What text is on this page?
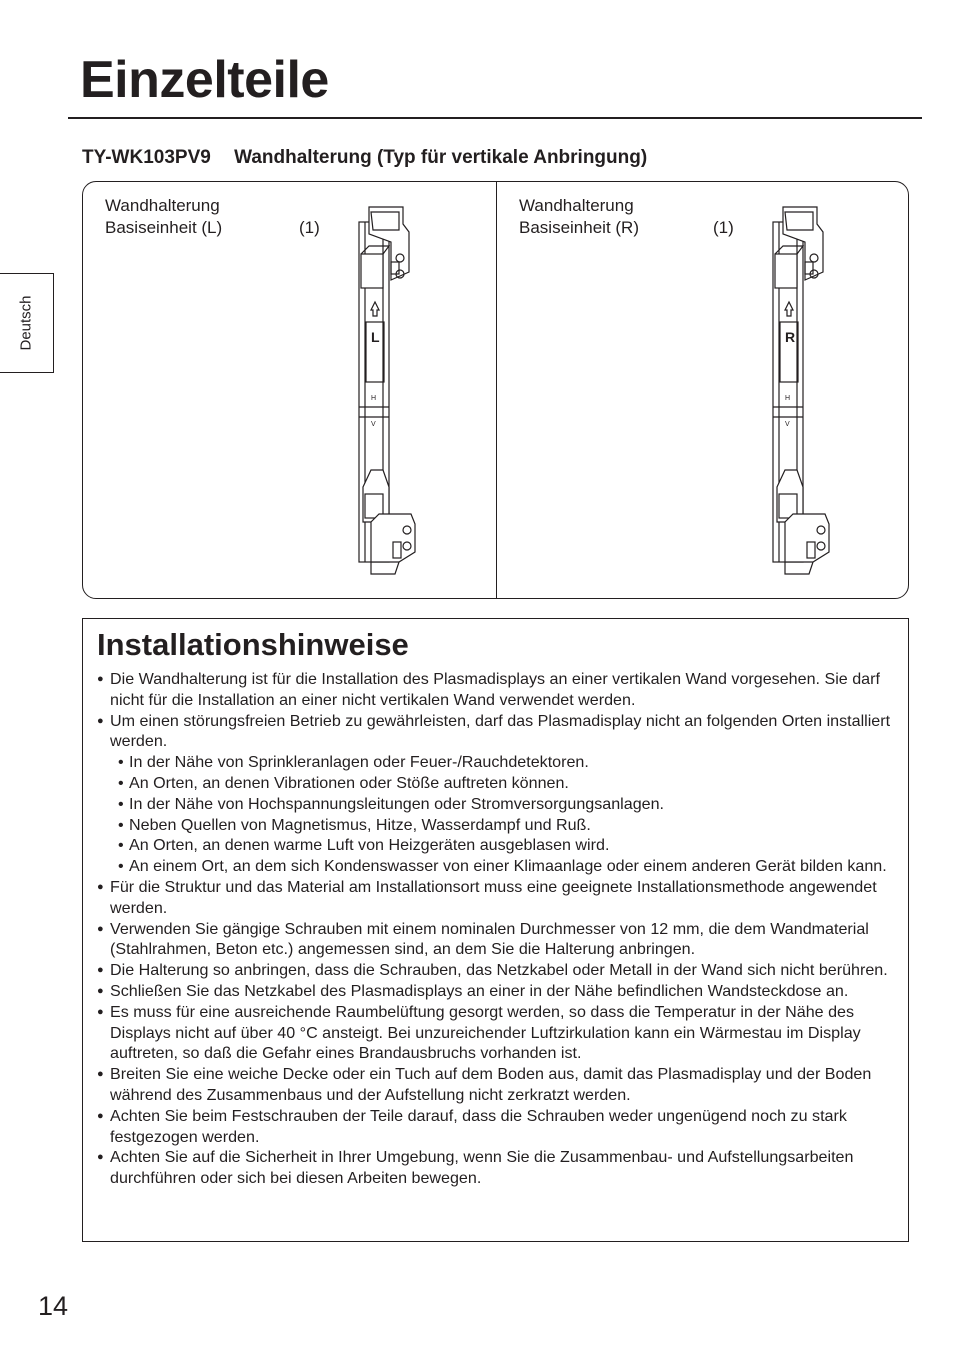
Einzelteile
TY-WK103PV9 Wandhalterung (Typ für vertikale Anbringung)
Deutsch
Wandhalterung
Basiseinheit (L)	(1)
L
H
V
Wandhalterung
Basiseinheit (R)	(1)
R
H
V
Installationshinweise
● Die Wandhalterung ist für die Installation des Plasmadisplays an einer vertikalen Wand vorgesehen. Sie darf nicht für die Installation an einer nicht vertikalen Wand verwendet werden.
● Um einen störungsfreien Betrieb zu gewährleisten, darf das Plasmadisplay nicht an folgenden Orten installiert werden.
• In der Nähe von Sprinkleranlagen oder Feuer-/Rauchdetektoren.
• An Orten, an denen Vibrationen oder Stöße auftreten können.
• In der Nähe von Hochspannungsleitungen oder Stromversorgungsanlagen.
• Neben Quellen von Magnetismus, Hitze, Wasserdampf und Ruß.
• An Orten, an denen warme Luft von Heizgeräten ausgeblasen wird.
• An einem Ort, an dem sich Kondenswasser von einer Klimaanlage oder einem anderen Gerät bilden kann.
● Für die Struktur und das Material am Installationsort muss eine geeignete Installationsmethode angewendet werden.
● Verwenden Sie gängige Schrauben mit einem nominalen Durchmesser von 12 mm, die dem Wandmaterial (Stahlrahmen, Beton etc.) angemessen sind, an dem Sie die Halterung anbringen.
● Die Halterung so anbringen, dass die Schrauben, das Netzkabel oder Metall in der Wand sich nicht berühren.
● Schließen Sie das Netzkabel des Plasmadisplays an einer in der Nähe befindlichen Wandsteckdose an.
● Es muss für eine ausreichende Raumbelüftung gesorgt werden, so dass die Temperatur in der Nähe des Displays nicht auf über 40 °C ansteigt. Bei unzureichender Luftzirkulation kann ein Wärmestau im Display auftreten, so daß die Gefahr eines Brandausbruchs vorhanden ist.
● Breiten Sie eine weiche Decke oder ein Tuch auf dem Boden aus, damit das Plasmadisplay und der Boden während des Zusammenbaus und der Aufstellung nicht zerkratzt werden.
● Achten Sie beim Festschrauben der Teile darauf, dass die Schrauben weder ungenügend noch zu stark festgezogen werden.
● Achten Sie auf die Sicherheit in Ihrer Umgebung, wenn Sie die Zusammenbau- und Aufstellungsarbeiten durchführen oder sich bei diesen Arbeiten bewegen.
14
